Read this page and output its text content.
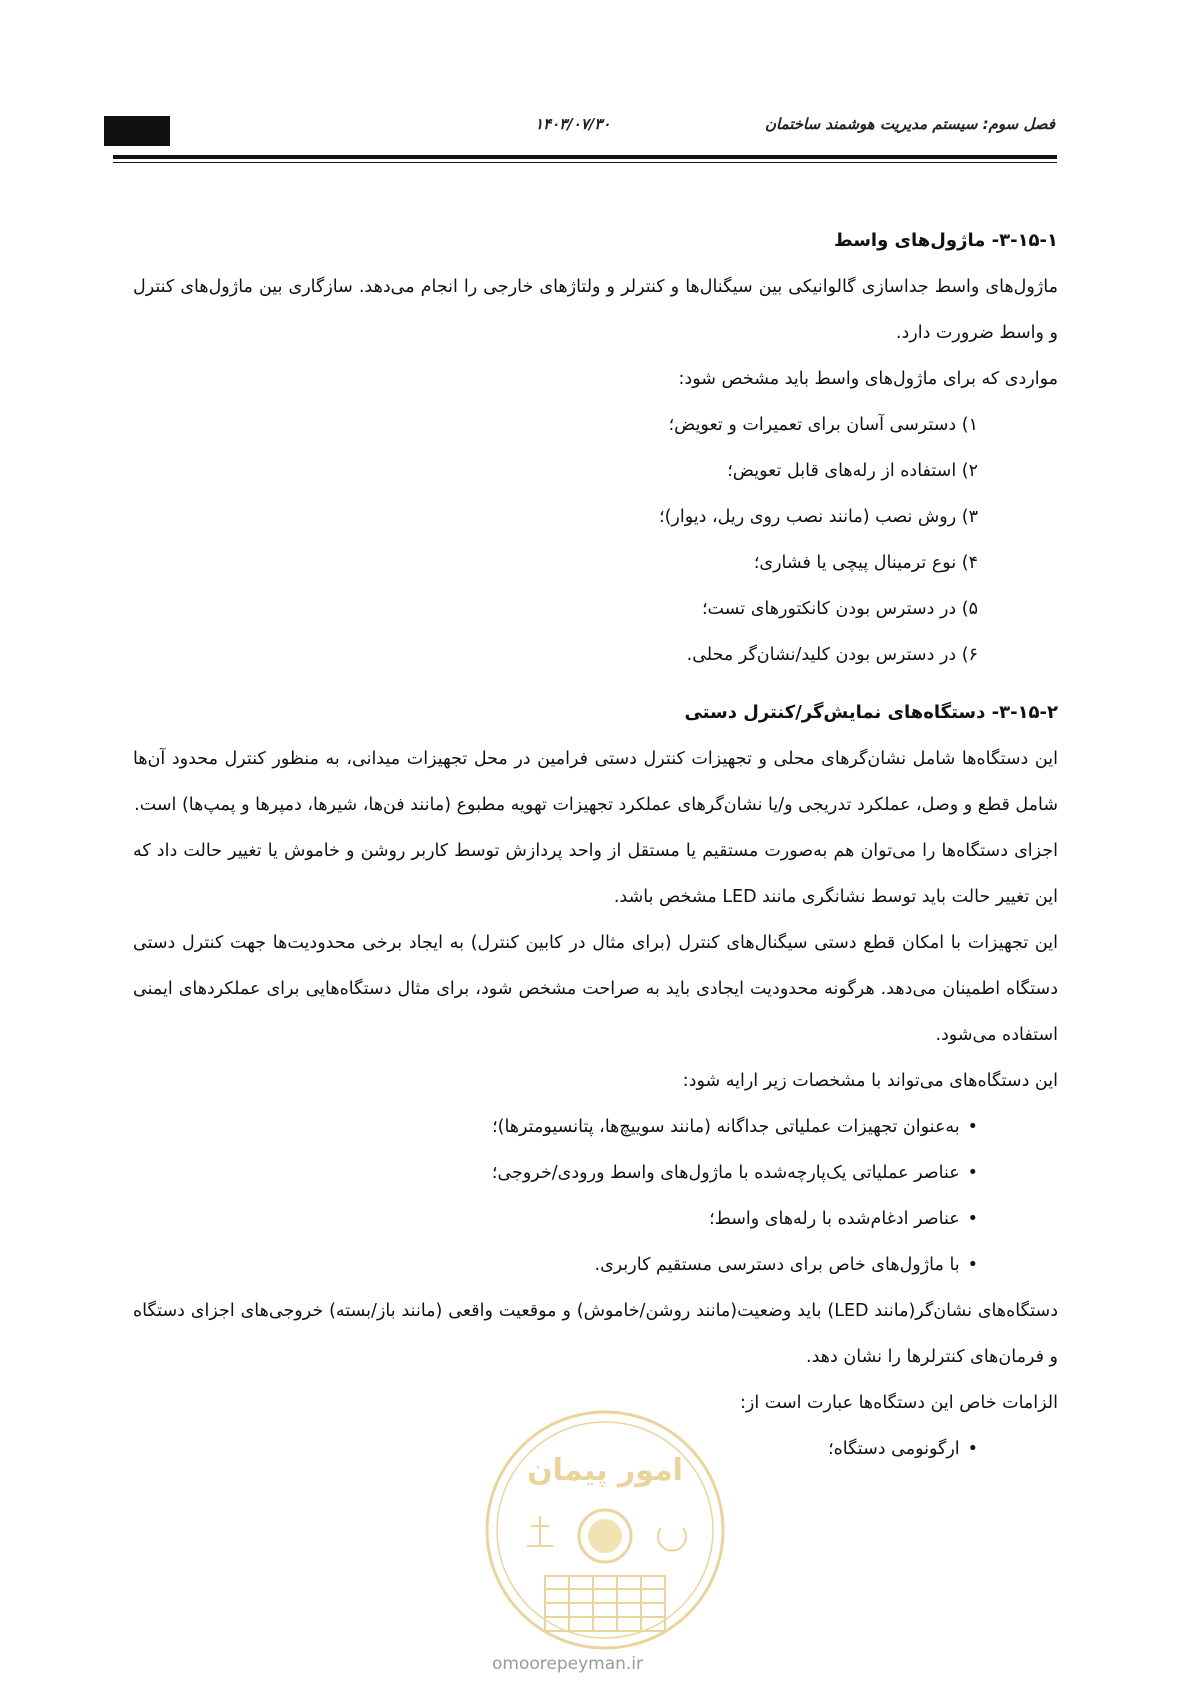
فصل سوم: سیستم مدیریت هوشمند ساختمان
۱۴۰۳/۰۷/۳۰
۳-۱۵-۱- ماژول‌های واسط

ماژول‌های واسط جداسازی گالوانیکی بین سیگنال‌ها و کنترلر و ولتاژهای خارجی را انجام می‌دهد. سازگاری بین ماژول‌های کنترل و واسط ضرورت دارد.

مواردی که برای ماژول‌های واسط باید مشخص شود:

۱) دسترسی آسان برای تعمیرات و تعویض؛
۲) استفاده از رله‌های قابل تعویض؛
۳) روش نصب (مانند نصب روی ریل، دیوار)؛
۴) نوع ترمینال پیچی یا فشاری؛
۵) در دسترس بودن کانکتورهای تست؛
۶) در دسترس بودن کلید/نشان‌گر محلی.
۳-۱۵-۲- دستگاه‌های نمایش‌گر/کنترل دستی

این دستگاه‌ها شامل نشان‌گرهای محلی و تجهیزات کنترل دستی فرامین در محل تجهیزات میدانی، به منظور کنترل محدود آن‌ها شامل قطع و وصل، عملکرد تدریجی و/یا نشان‌گرهای عملکرد تجهیزات تهویه مطبوع (مانند فن‌ها، شیرها، دمپرها و پمپ‌ها) است.

اجزای دستگاه‌ها را می‌توان هم به‌صورت مستقیم یا مستقل از واحد پردازش توسط کاربر روشن و خاموش یا تغییر حالت داد که این تغییر حالت باید توسط نشانگری مانند LED مشخص باشد.

این تجهیزات با امکان قطع دستی سیگنال‌های کنترل (برای مثال در کابین کنترل) به ایجاد برخی محدودیت‌ها جهت کنترل دستی دستگاه اطمینان می‌دهد. هرگونه محدودیت ایجادی باید به صراحت مشخص شود، برای مثال دستگاه‌هایی برای عملکردهای ایمنی استفاده می‌شود.

این دستگاه‌های می‌تواند با مشخصات زیر ارایه شود:

• به‌عنوان تجهیزات عملیاتی جداگانه (مانند سوییچ‌ها، پتانسیومترها)؛
• عناصر عملیاتی یک‌پارچه‌شده با ماژول‌های واسط ورودی/خروجی؛
• عناصر ادغام‌شده با رله‌های واسط؛
• با ماژول‌های خاص برای دسترسی مستقیم کاربری.

دستگاه‌های نشان‌گر(مانند LED) باید وضعیت(مانند روشن/خاموش) و موقعیت واقعی (مانند باز/بسته) خروجی‌های اجزای دستگاه و فرمان‌های کنترلرها را نشان دهد.

الزامات خاص این دستگاه‌ها عبارت است از:

• ارگونومی دستگاه؛
امور پیمان
omoorepeyman.ir
